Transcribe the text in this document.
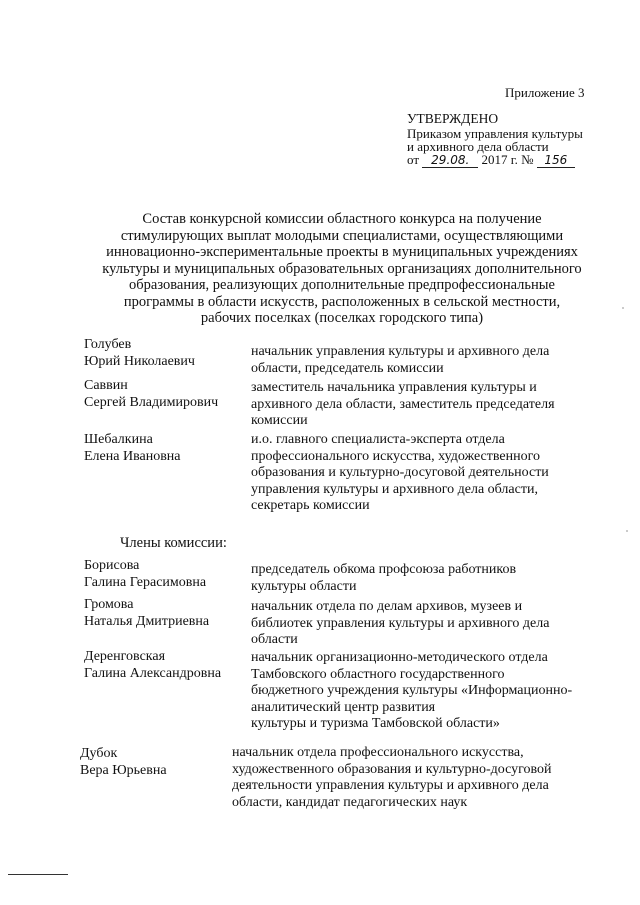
Приложение 3
УТВЕРЖДЕНО
Приказом управления культуры
и архивного дела области
от 29.08. 2017 г. № 156
Состав конкурсной комиссии областного конкурса на получение
стимулирующих выплат молодыми специалистами, осуществляющими
инновационно-экспериментальные проекты в муниципальных учреждениях
культуры и муниципальных образовательных организациях дополнительного
образования, реализующих дополнительные предпрофессиональные
программы в области искусств, расположенных в сельской местности,
рабочих поселках (поселках городского типа)
Голубев
Юрий Николаевич
начальник управления культуры и архивного дела
области, председатель комиссии
Саввин
Сергей Владимирович
заместитель начальника управления культуры и
архивного дела области, заместитель председателя
комиссии
Шебалкина
Елена Ивановна
и.о. главного специалиста-эксперта отдела
профессионального искусства, художественного
образования и культурно-досуговой деятельности
управления культуры и архивного дела области,
секретарь комиссии
Члены комиссии:
Борисова
Галина Герасимовна
председатель обкома профсоюза работников
культуры области
Громова
Наталья Дмитриевна
начальник отдела по делам архивов, музеев и
библиотек управления культуры и архивного дела
области
Деренговская
Галина Александровна
начальник организационно-методического отдела
Тамбовского областного государственного
бюджетного учреждения культуры «Информационно-
аналитический центр развития
культуры и туризма Тамбовской области»
Дубок
Вера Юрьевна
начальник отдела профессионального искусства,
художественного образования и культурно-досуговой
деятельности управления культуры и архивного дела
области, кандидат педагогических наук
